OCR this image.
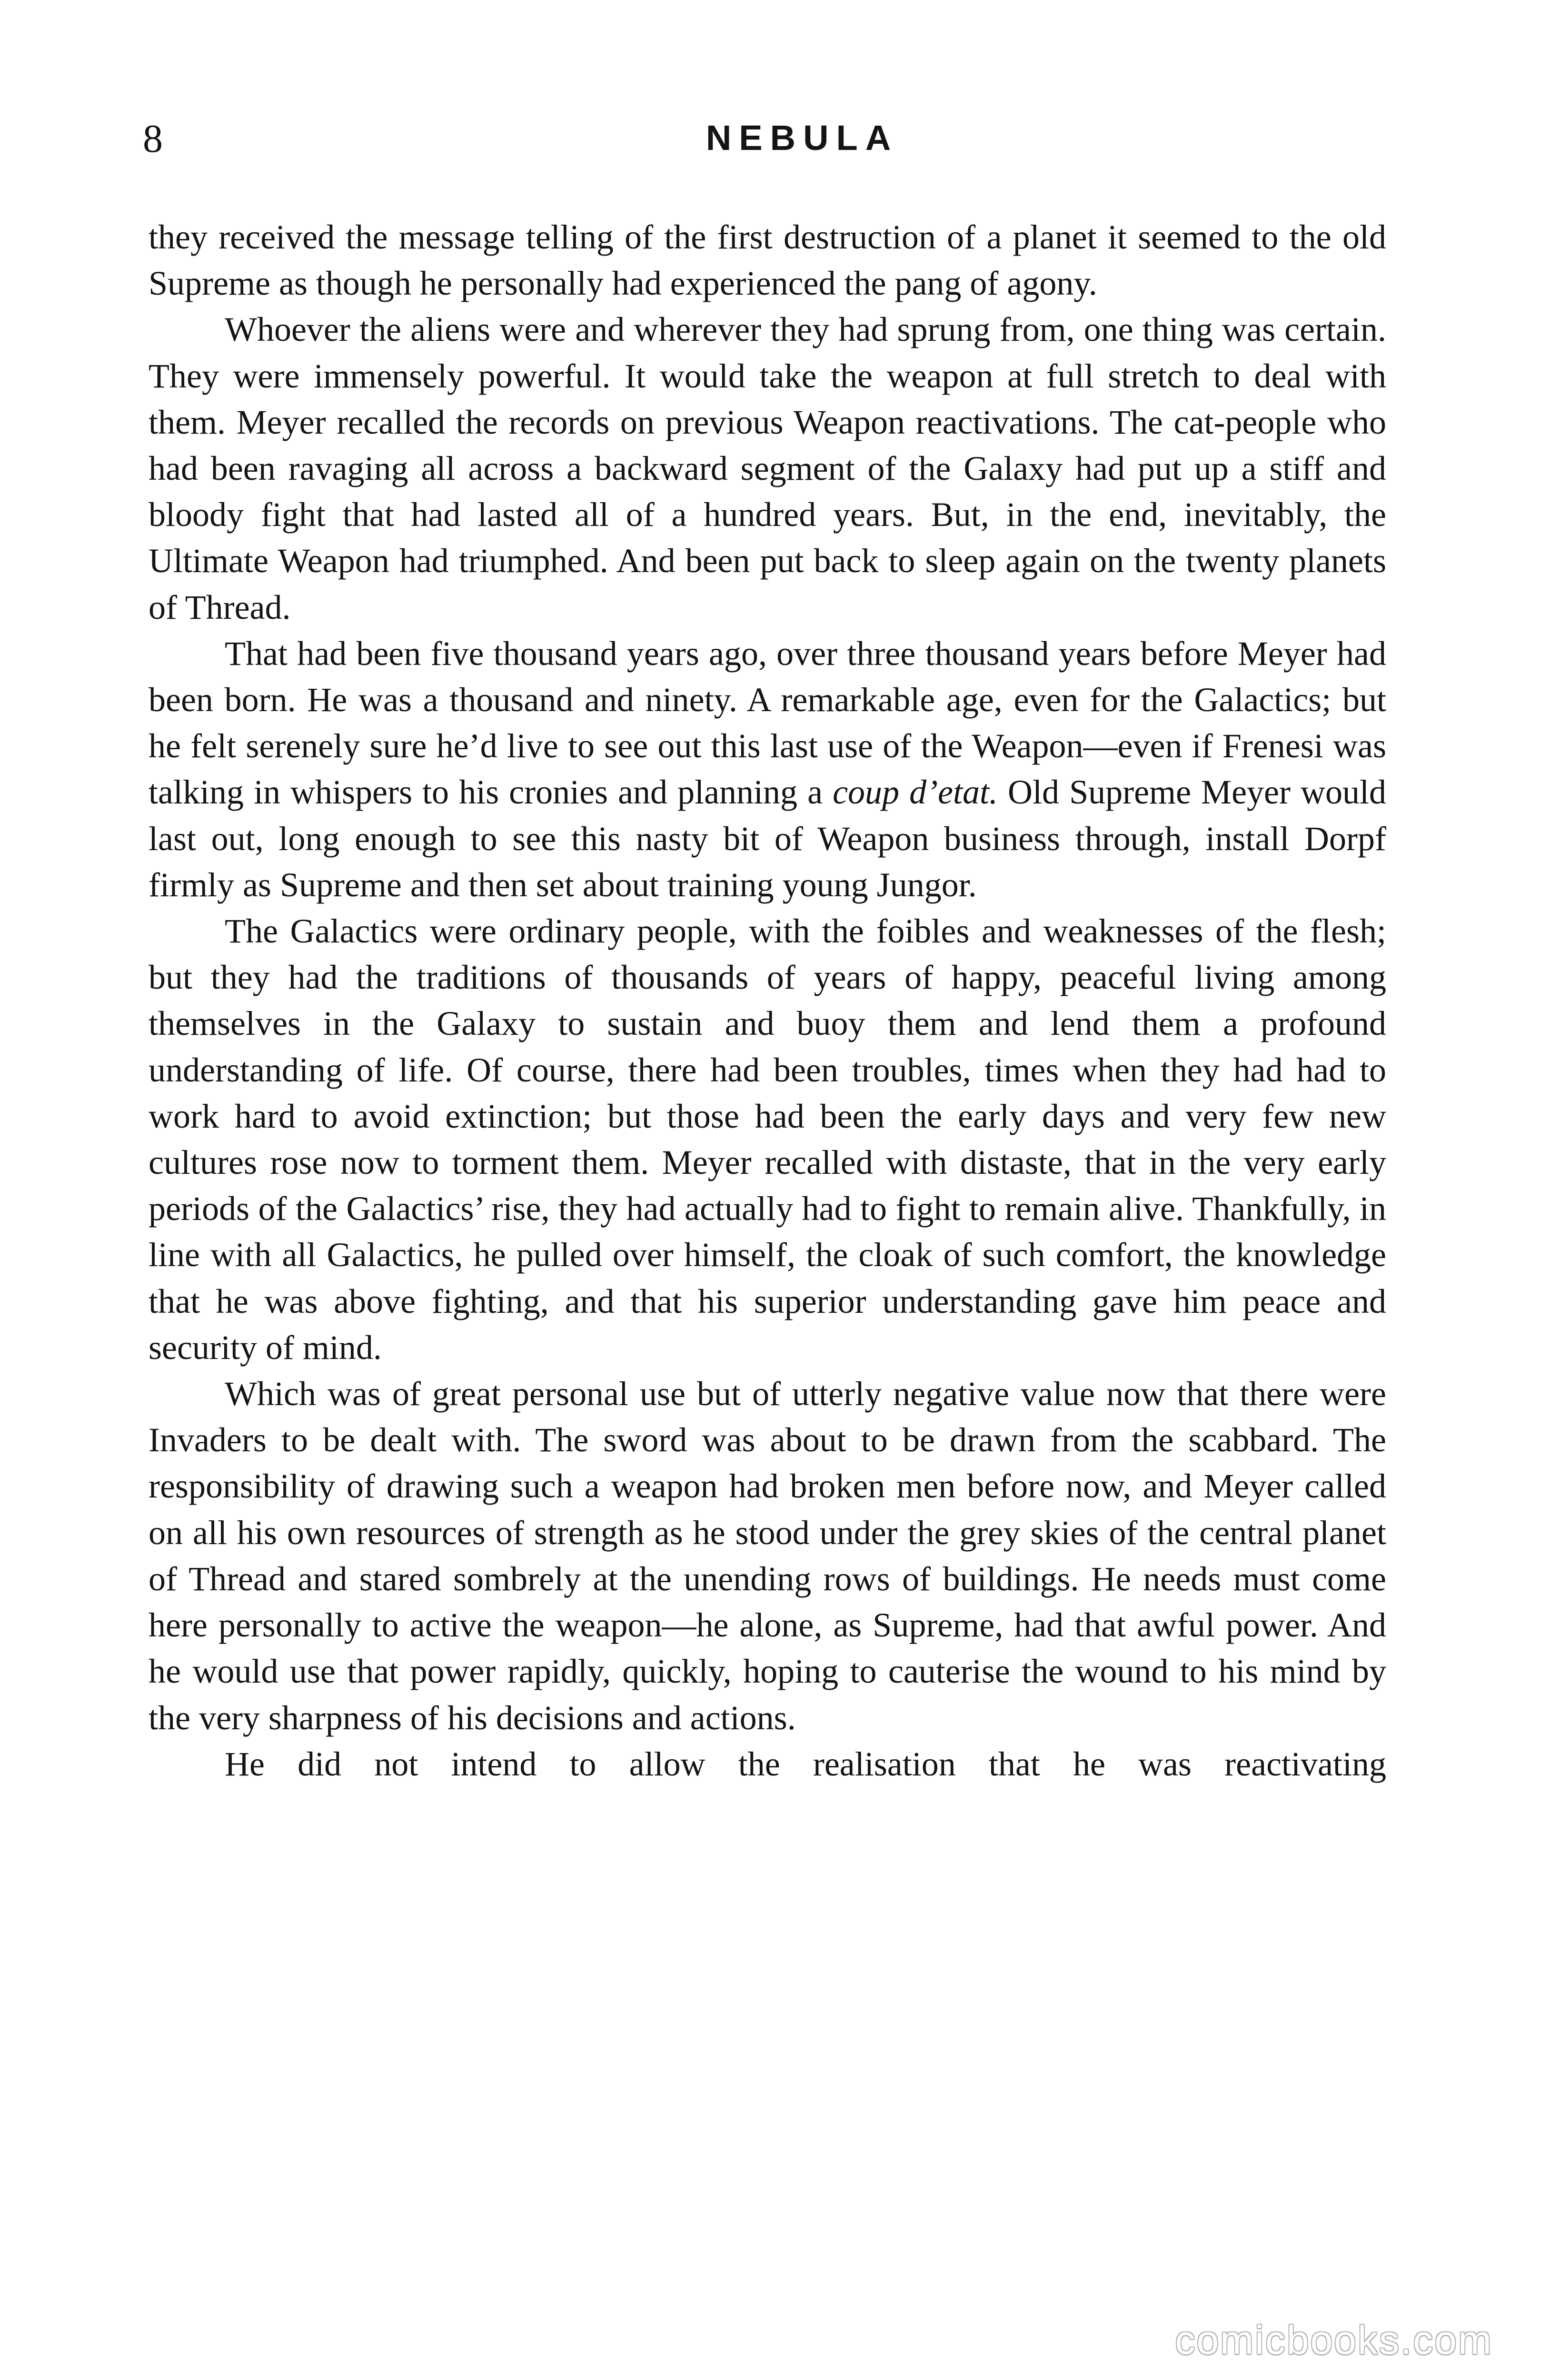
8	NEBULA

they received the message telling of the first destruction of a planet it seemed to the old Supreme as though he personally had experienced the pang of agony.

Whoever the aliens were and wherever they had sprung from, one thing was certain. They were immensely powerful. It would take the weapon at full stretch to deal with them. Meyer recalled the records on previous Weapon reactivations. The cat-people who had been ravaging all across a backward segment of the Galaxy had put up a stiff and bloody fight that had lasted all of a hundred years. But, in the end, inevitably, the Ultimate Weapon had triumphed. And been put back to sleep again on the twenty planets of Thread.

That had been five thousand years ago, over three thousand years before Meyer had been born. He was a thousand and ninety. A remarkable age, even for the Galactics; but he felt serenely sure he’d live to see out this last use of the Weapon—even if Frenesi was talking in whispers to his cronies and planning a coup d’etat. Old Supreme Meyer would last out, long enough to see this nasty bit of Weapon business through, install Dorpf firmly as Supreme and then set about training young Jungor.

The Galactics were ordinary people, with the foibles and weaknesses of the flesh; but they had the traditions of thousands of years of happy, peaceful living among themselves in the Galaxy to sustain and buoy them and lend them a profound understanding of life. Of course, there had been troubles, times when they had had to work hard to avoid extinction; but those had been the early days and very few new cultures rose now to torment them. Meyer recalled with distaste, that in the very early periods of the Galactics’ rise, they had actually had to fight to remain alive. Thankfully, in line with all Galactics, he pulled over himself, the cloak of such comfort, the knowledge that he was above fighting, and that his superior understanding gave him peace and security of mind.

Which was of great personal use but of utterly negative value now that there were Invaders to be dealt with. The sword was about to be drawn from the scabbard. The responsibility of drawing such a weapon had broken men before now, and Meyer called on all his own resources of strength as he stood under the grey skies of the central planet of Thread and stared sombrely at the unending rows of buildings. He needs must come here personally to active the weapon—he alone, as Supreme, had that awful power. And he would use that power rapidly, quickly, hoping to cauterise the wound to his mind by the very sharpness of his decisions and actions.

He did not intend to allow the realisation that he was reactivating

comicbooks.com
